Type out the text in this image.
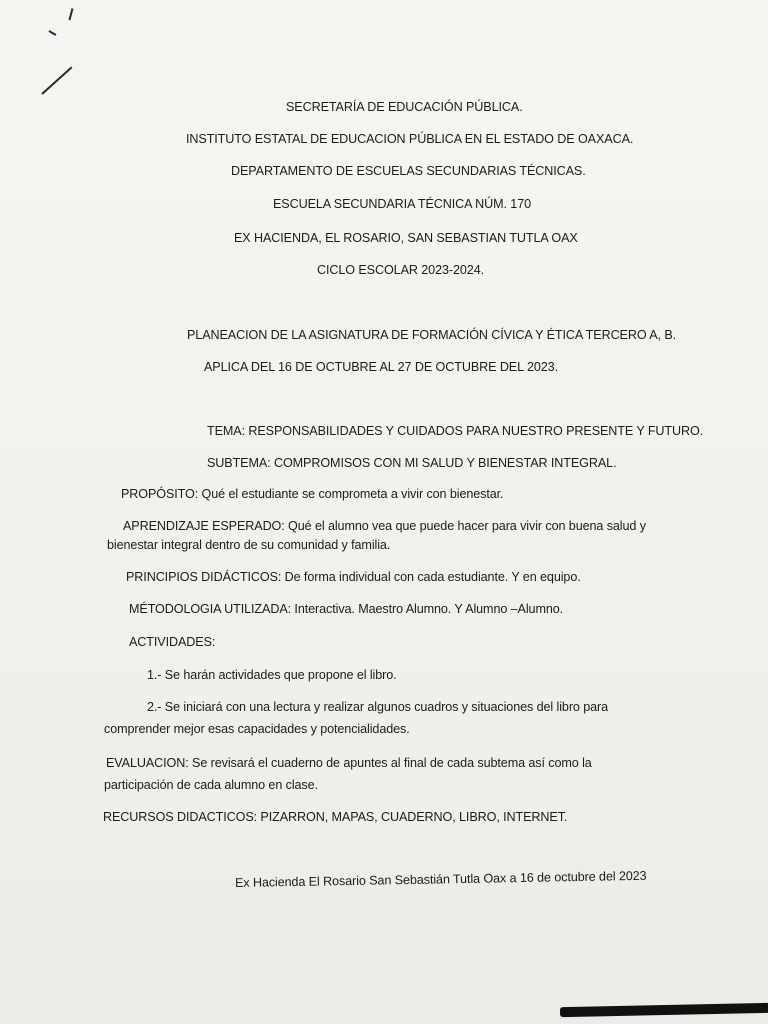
SECRETARÍA DE EDUCACIÓN PÚBLICA.
INSTITUTO ESTATAL DE EDUCACION PÚBLICA EN EL ESTADO DE OAXACA.
DEPARTAMENTO DE ESCUELAS SECUNDARIAS TÉCNICAS.
ESCUELA SECUNDARIA TÉCNICA NÚM. 170
EX HACIENDA, EL ROSARIO, SAN SEBASTIAN TUTLA OAX
CICLO ESCOLAR 2023-2024.
PLANEACION DE LA ASIGNATURA DE FORMACIÓN CÍVICA Y ÉTICA TERCERO A, B.
APLICA DEL 16 DE OCTUBRE AL 27 DE OCTUBRE DEL 2023.
TEMA: RESPONSABILIDADES Y CUIDADOS PARA NUESTRO PRESENTE Y FUTURO.
SUBTEMA: COMPROMISOS CON MI SALUD Y BIENESTAR INTEGRAL.
PROPÓSITO: Qué el estudiante se comprometa a vivir con bienestar.
APRENDIZAJE ESPERADO: Qué el alumno vea que puede hacer para vivir con buena salud y
bienestar integral dentro de su comunidad y familia.
PRINCIPIOS DIDÁCTICOS: De forma individual con cada estudiante. Y en equipo.
MÉTODOLOGIA UTILIZADA: Interactiva. Maestro Alumno. Y Alumno –Alumno.
ACTIVIDADES:
1.- Se harán actividades que propone el libro.
2.- Se iniciará con una lectura y realizar algunos cuadros y situaciones del libro para
comprender mejor esas capacidades y potencialidades.
EVALUACION: Se revisará el cuaderno de apuntes al final de cada subtema así como la
participación de cada alumno en clase.
RECURSOS DIDACTICOS: PIZARRON, MAPAS, CUADERNO, LIBRO, INTERNET.
Ex Hacienda El Rosario San Sebastián Tutla Oax a 16 de octubre del 2023
